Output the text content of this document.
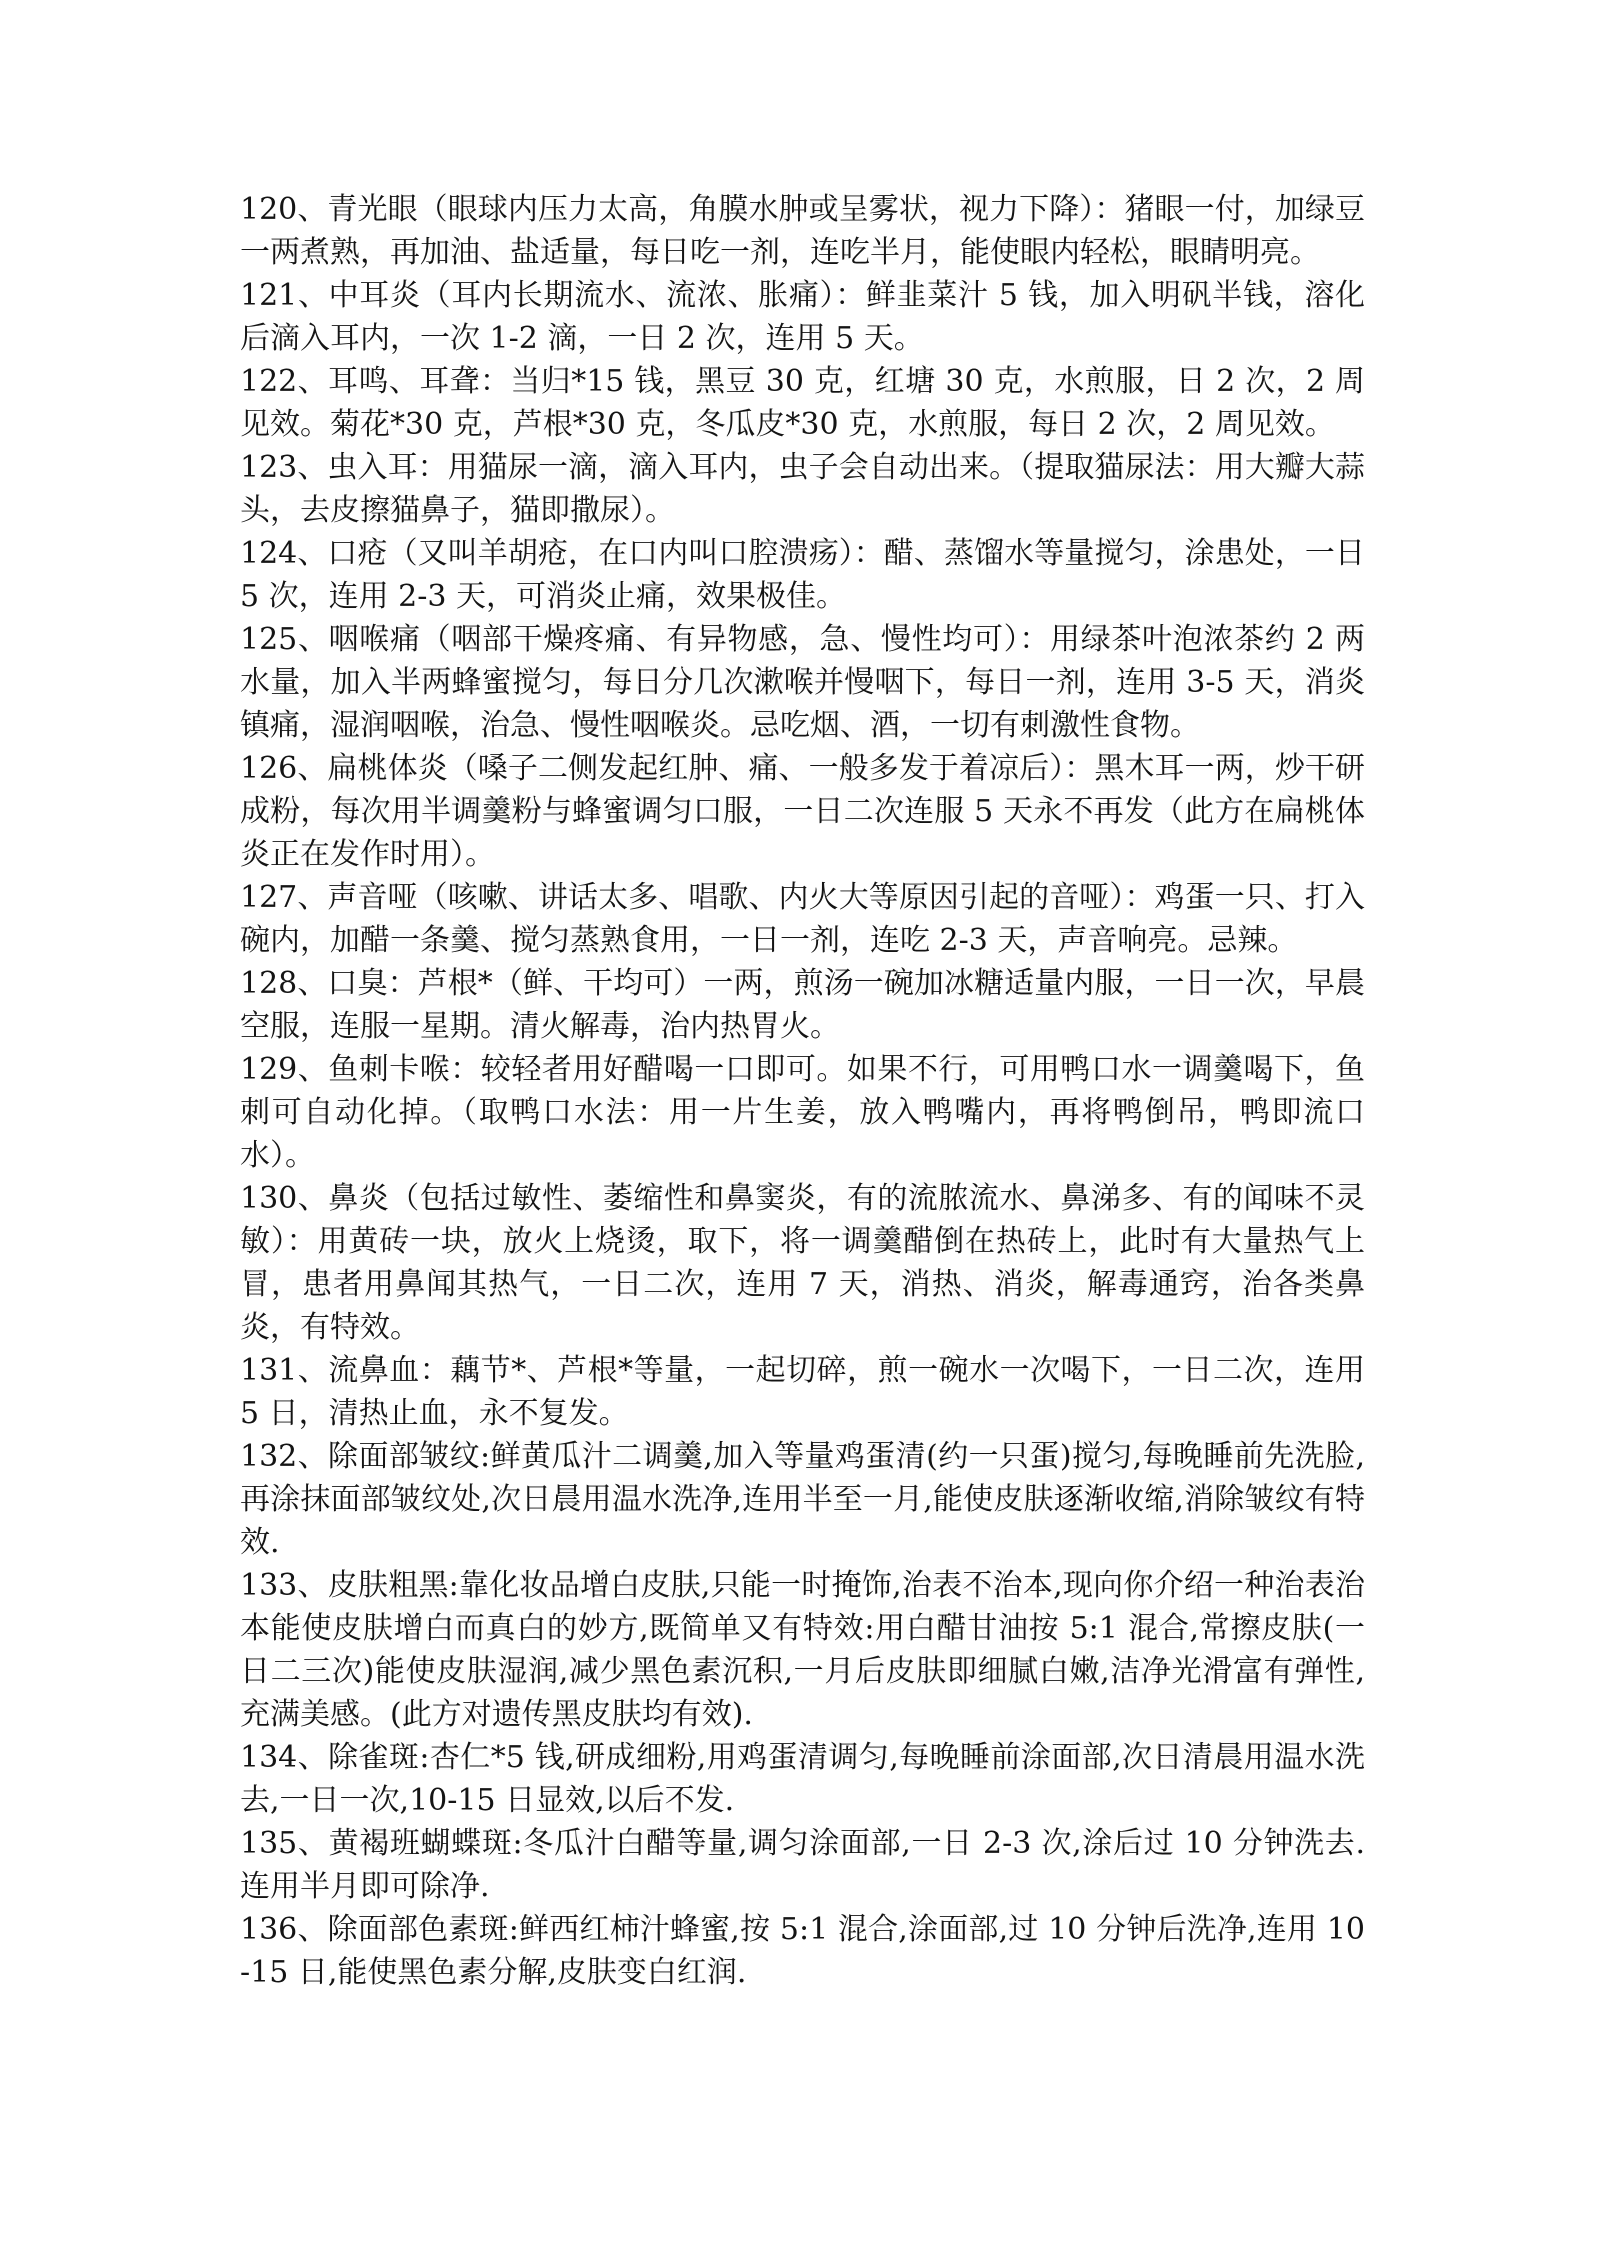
120、青光眼（眼球内压力太高，角膜水肿或呈雾状，视力下降）：猪眼一付，加绿豆一两煮熟，再加油、盐适量，每日吃一剂，连吃半月，能使眼内轻松，眼睛明亮。

121、中耳炎（耳内长期流水、流浓、胀痛）：鲜韭菜汁 5 钱，加入明矾半钱，溶化后滴入耳内，一次 1-2 滴，一日 2 次，连用 5 天。

122、耳鸣、耳聋：当归*15 钱，黑豆 30 克，红塘 30 克，水煎服，日 2 次，2 周见效。菊花*30 克，芦根*30 克，冬瓜皮*30 克，水煎服，每日 2 次，2 周见效。

123、虫入耳：用猫尿一滴，滴入耳内，虫子会自动出来。（提取猫尿法：用大瓣大蒜头，去皮擦猫鼻子，猫即撒尿）。

124、口疮（又叫羊胡疮，在口内叫口腔溃疡）：醋、蒸馏水等量搅匀，涂患处，一日 5 次，连用 2-3 天，可消炎止痛，效果极佳。

125、咽喉痛（咽部干燥疼痛、有异物感，急、慢性均可）：用绿茶叶泡浓茶约 2 两水量，加入半两蜂蜜搅匀，每日分几次漱喉并慢咽下，每日一剂，连用 3-5 天，消炎镇痛，湿润咽喉，治急、慢性咽喉炎。忌吃烟、酒，一切有刺激性食物。

126、扁桃体炎（嗓子二侧发起红肿、痛、一般多发于着凉后）：黑木耳一两，炒干研成粉，每次用半调羹粉与蜂蜜调匀口服，一日二次连服 5 天永不再发（此方在扁桃体炎正在发作时用）。

127、声音哑（咳嗽、讲话太多、唱歌、内火大等原因引起的音哑）：鸡蛋一只、打入碗内，加醋一条羹、搅匀蒸熟食用，一日一剂，连吃 2-3 天，声音响亮。忌辣。

128、口臭：芦根*（鲜、干均可）一两，煎汤一碗加冰糖适量内服，一日一次，早晨空服，连服一星期。清火解毒，治内热胃火。

129、鱼刺卡喉：较轻者用好醋喝一口即可。如果不行，可用鸭口水一调羹喝下，鱼刺可自动化掉。（取鸭口水法：用一片生姜，放入鸭嘴内，再将鸭倒吊，鸭即流口水）。

130、鼻炎（包括过敏性、萎缩性和鼻窦炎，有的流脓流水、鼻涕多、有的闻味不灵敏）：用黄砖一块，放火上烧烫，取下，将一调羹醋倒在热砖上，此时有大量热气上冒，患者用鼻闻其热气，一日二次，连用 7 天，消热、消炎，解毒通窍，治各类鼻炎，有特效。

131、流鼻血：藕节*、芦根*等量，一起切碎，煎一碗水一次喝下，一日二次，连用 5 日，清热止血，永不复发。

132、除面部皱纹:鲜黄瓜汁二调羹,加入等量鸡蛋清(约一只蛋)搅匀,每晚睡前先洗脸,再涂抹面部皱纹处,次日晨用温水洗净,连用半至一月,能使皮肤逐渐收缩,消除皱纹有特效.

133、皮肤粗黑:靠化妆品增白皮肤,只能一时掩饰,治表不治本,现向你介绍一种治表治本能使皮肤增白而真白的妙方,既简单又有特效:用白醋甘油按 5:1 混合,常擦皮肤(一日二三次)能使皮肤湿润,减少黑色素沉积,一月后皮肤即细腻白嫩,洁净光滑富有弹性,充满美感。(此方对遗传黑皮肤均有效).

134、除雀斑:杏仁*5 钱,研成细粉,用鸡蛋清调匀,每晚睡前涂面部,次日清晨用温水洗去,一日一次,10-15 日显效,以后不发.

135、黄褐班蝴蝶斑:冬瓜汁白醋等量,调匀涂面部,一日 2-3 次,涂后过 10 分钟洗去.连用半月即可除净.

136、除面部色素斑:鲜西红柿汁蜂蜜,按 5:1 混合,涂面部,过 10 分钟后洗净,连用 10-15 日,能使黑色素分解,皮肤变白红润.
